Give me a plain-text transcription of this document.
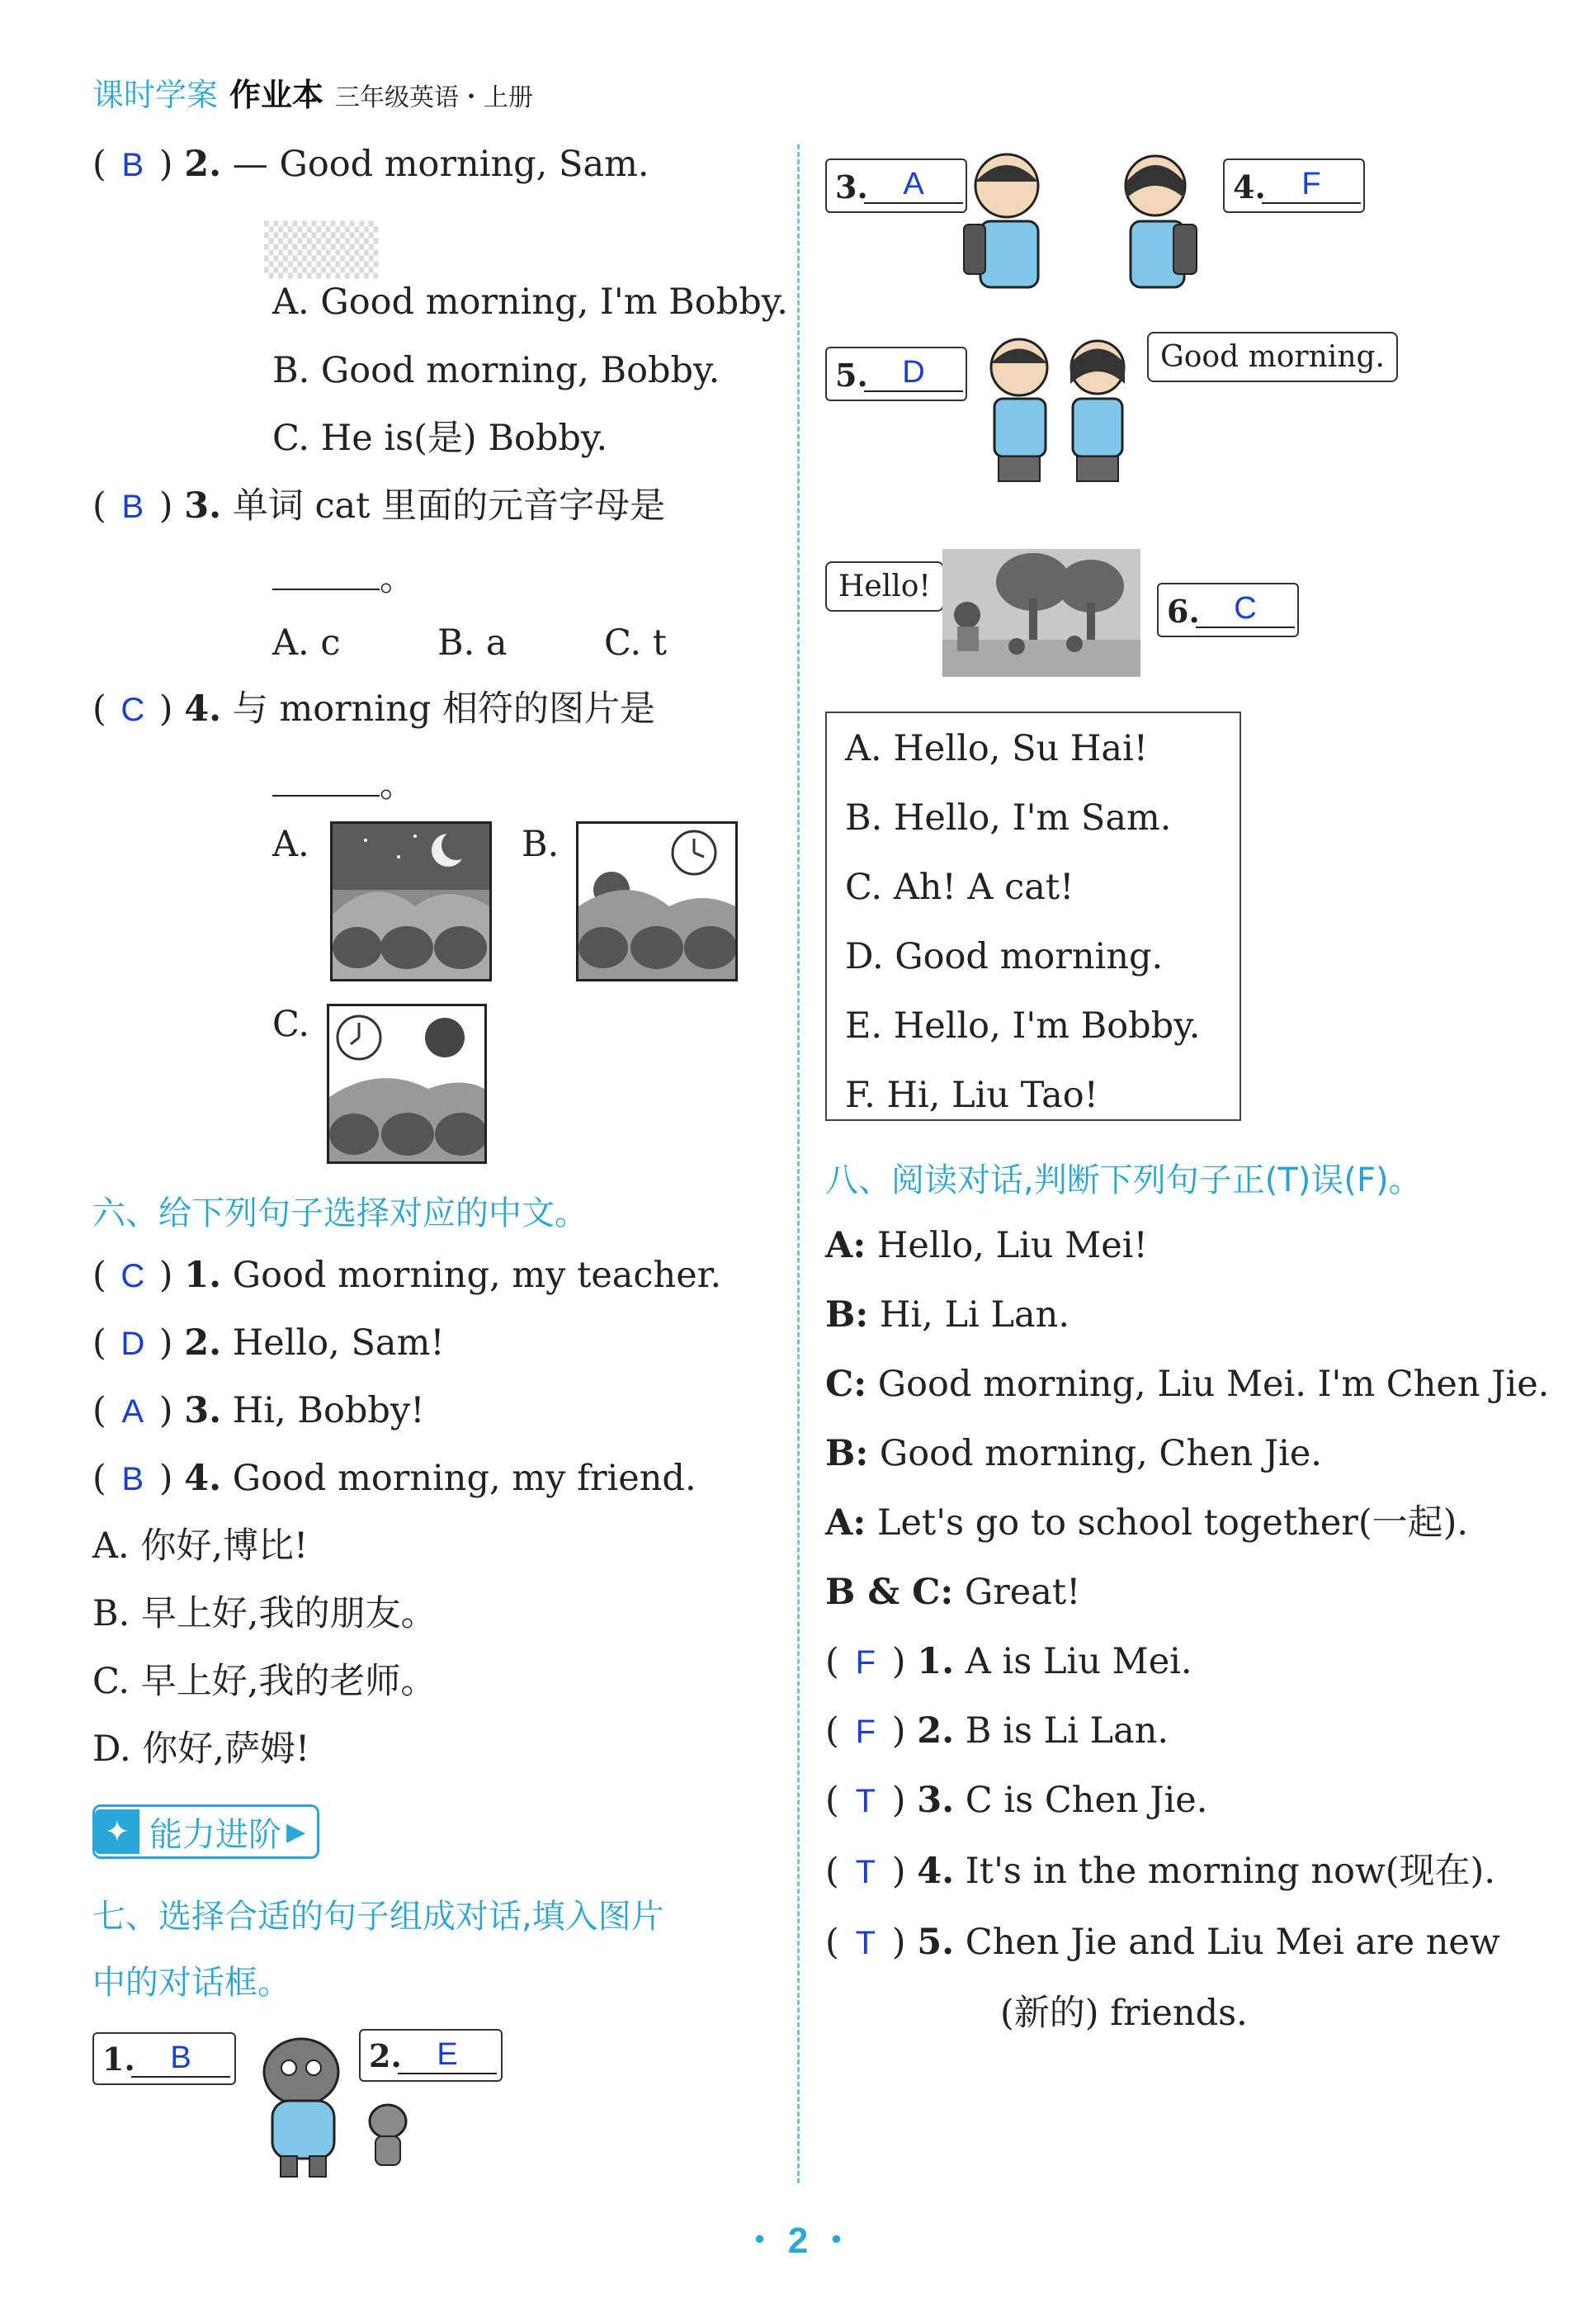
课时学案 作业本 三年级英语・上册
( B ) 2. — Good morning, Sam.
▒▒▒
A. Good morning, I'm Bobby.
B. Good morning, Bobby.
C. He is(是) Bobby.
( B ) 3. 单词 cat 里面的元音字母是
。
A. c	B. a	C. t
( C ) 4. 与 morning 相符的图片是
。
A.	B.
C.
六、给下列句子选择对应的中文。
( C ) 1. Good morning, my teacher.
( D ) 2. Hello, Sam!
( A ) 3. Hi, Bobby!
( B ) 4. Good morning, my friend.
A. 你好,博比!
B. 早上好,我的朋友。
C. 早上好,我的老师。
D. 你好,萨姆!
✦ 能力进阶 ▶
七、选择合适的句子组成对话,填入图片
中的对话框。
1.	B	2.	E
3.	A	4.	F
5.	D	Good morning.
Hello!
6.	C
A. Hello, Su Hai!
B. Hello, I'm Sam.
C. Ah! A cat!
D. Good morning.
E. Hello, I'm Bobby.
F. Hi, Liu Tao!
八、阅读对话,判断下列句子正(T)误(F)。
A: Hello, Liu Mei!
B: Hi, Li Lan.
C: Good morning, Liu Mei. I'm Chen Jie.
B: Good morning, Chen Jie.
A: Let's go to school together(一起).
B & C: Great!
( F ) 1. A is Liu Mei.
( F ) 2. B is Li Lan.
( T ) 3. C is Chen Jie.
( T ) 4. It's in the morning now(现在).
( T ) 5. Chen Jie and Liu Mei are new
(新的) friends.
・ 2 ・
